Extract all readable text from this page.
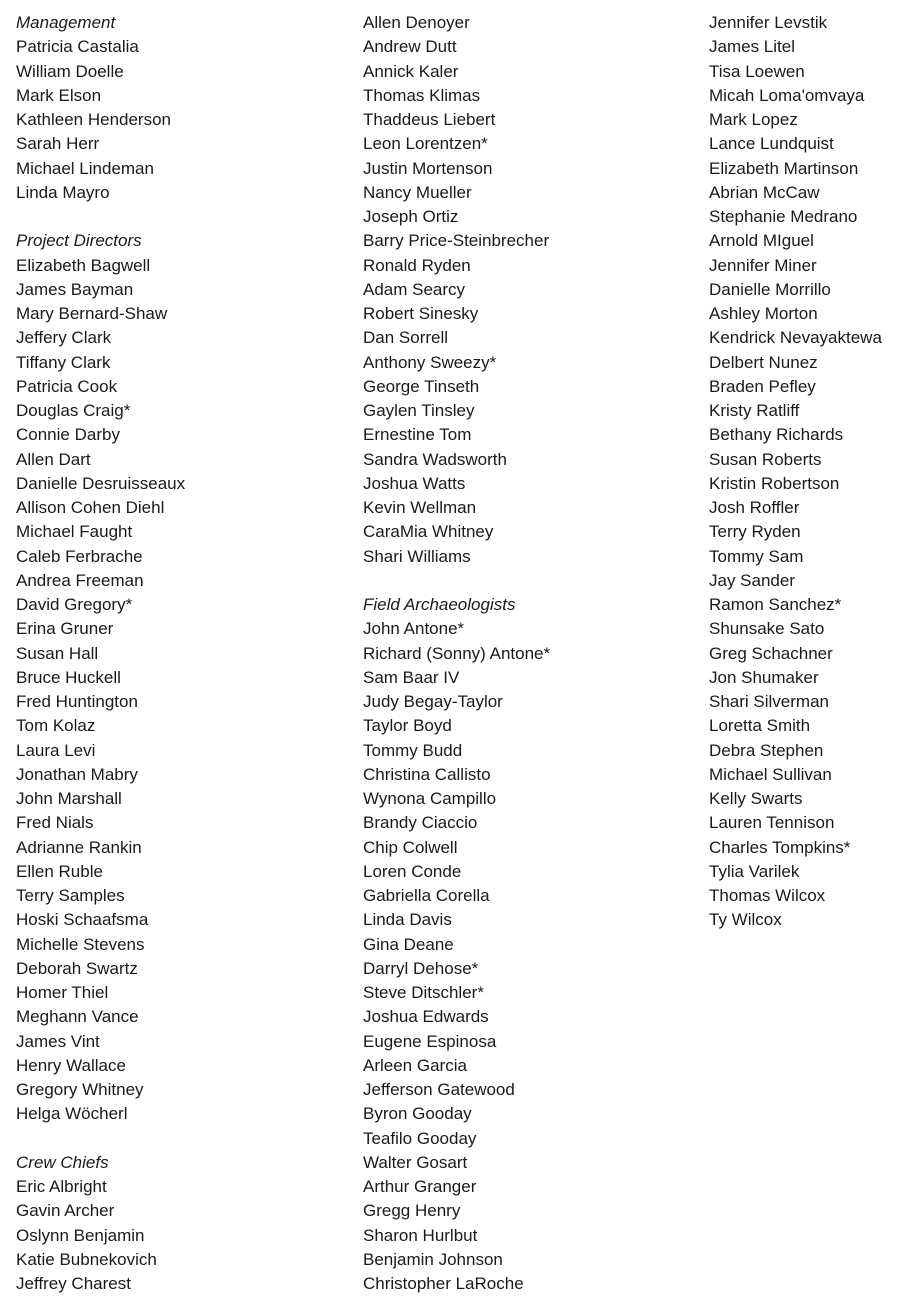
Management
Patricia Castalia
William Doelle
Mark Elson
Kathleen Henderson
Sarah Herr
Michael Lindeman
Linda Mayro
Project Directors
Elizabeth Bagwell
James Bayman
Mary Bernard-Shaw
Jeffery Clark
Tiffany Clark
Patricia Cook
Douglas Craig*
Connie Darby
Allen Dart
Danielle Desruisseaux
Allison Cohen Diehl
Michael Faught
Caleb Ferbrache
Andrea Freeman
David Gregory*
Erina Gruner
Susan Hall
Bruce Huckell
Fred Huntington
Tom Kolaz
Laura Levi
Jonathan Mabry
John Marshall
Fred Nials
Adrianne Rankin
Ellen Ruble
Terry Samples
Hoski Schaafsma
Michelle Stevens
Deborah Swartz
Homer Thiel
Meghann Vance
James Vint
Henry Wallace
Gregory Whitney
Helga Wöcherl
Crew Chiefs
Eric Albright
Gavin Archer
Oslynn Benjamin
Katie Bubnekovich
Jeffrey Charest
Allen Denoyer
Andrew Dutt
Annick Kaler
Thomas Klimas
Thaddeus Liebert
Leon Lorentzen*
Justin Mortenson
Nancy Mueller
Joseph Ortiz
Barry Price-Steinbrecher
Ronald Ryden
Adam Searcy
Robert Sinesky
Dan Sorrell
Anthony Sweezy*
George Tinseth
Gaylen Tinsley
Ernestine Tom
Sandra Wadsworth
Joshua Watts
Kevin Wellman
CaraMia Whitney
Shari Williams
Field Archaeologists
John Antone*
Richard (Sonny) Antone*
Sam Baar IV
Judy Begay-Taylor
Taylor Boyd
Tommy Budd
Christina Callisto
Wynona Campillo
Brandy Ciaccio
Chip Colwell
Loren Conde
Gabriella Corella
Linda Davis
Gina Deane
Darryl Dehose*
Steve Ditschler*
Joshua Edwards
Eugene Espinosa
Arleen Garcia
Jefferson Gatewood
Byron Gooday
Teafilo Gooday
Walter Gosart
Arthur Granger
Gregg Henry
Sharon Hurlbut
Benjamin Johnson
Christopher LaRoche
Jennifer Levstik
James Litel
Tisa Loewen
Micah Loma'omvaya
Mark Lopez
Lance Lundquist
Elizabeth Martinson
Abrian McCaw
Stephanie Medrano
Arnold MIguel
Jennifer Miner
Danielle Morrillo
Ashley Morton
Kendrick Nevayaktewa
Delbert Nunez
Braden Pefley
Kristy Ratliff
Bethany Richards
Susan Roberts
Kristin Robertson
Josh Roffler
Terry Ryden
Tommy Sam
Jay Sander
Ramon Sanchez*
Shunsake Sato
Greg Schachner
Jon Shumaker
Shari Silverman
Loretta Smith
Debra Stephen
Michael Sullivan
Kelly Swarts
Lauren Tennison
Charles Tompkins*
Tylia Varilek
Thomas Wilcox
Ty Wilcox
